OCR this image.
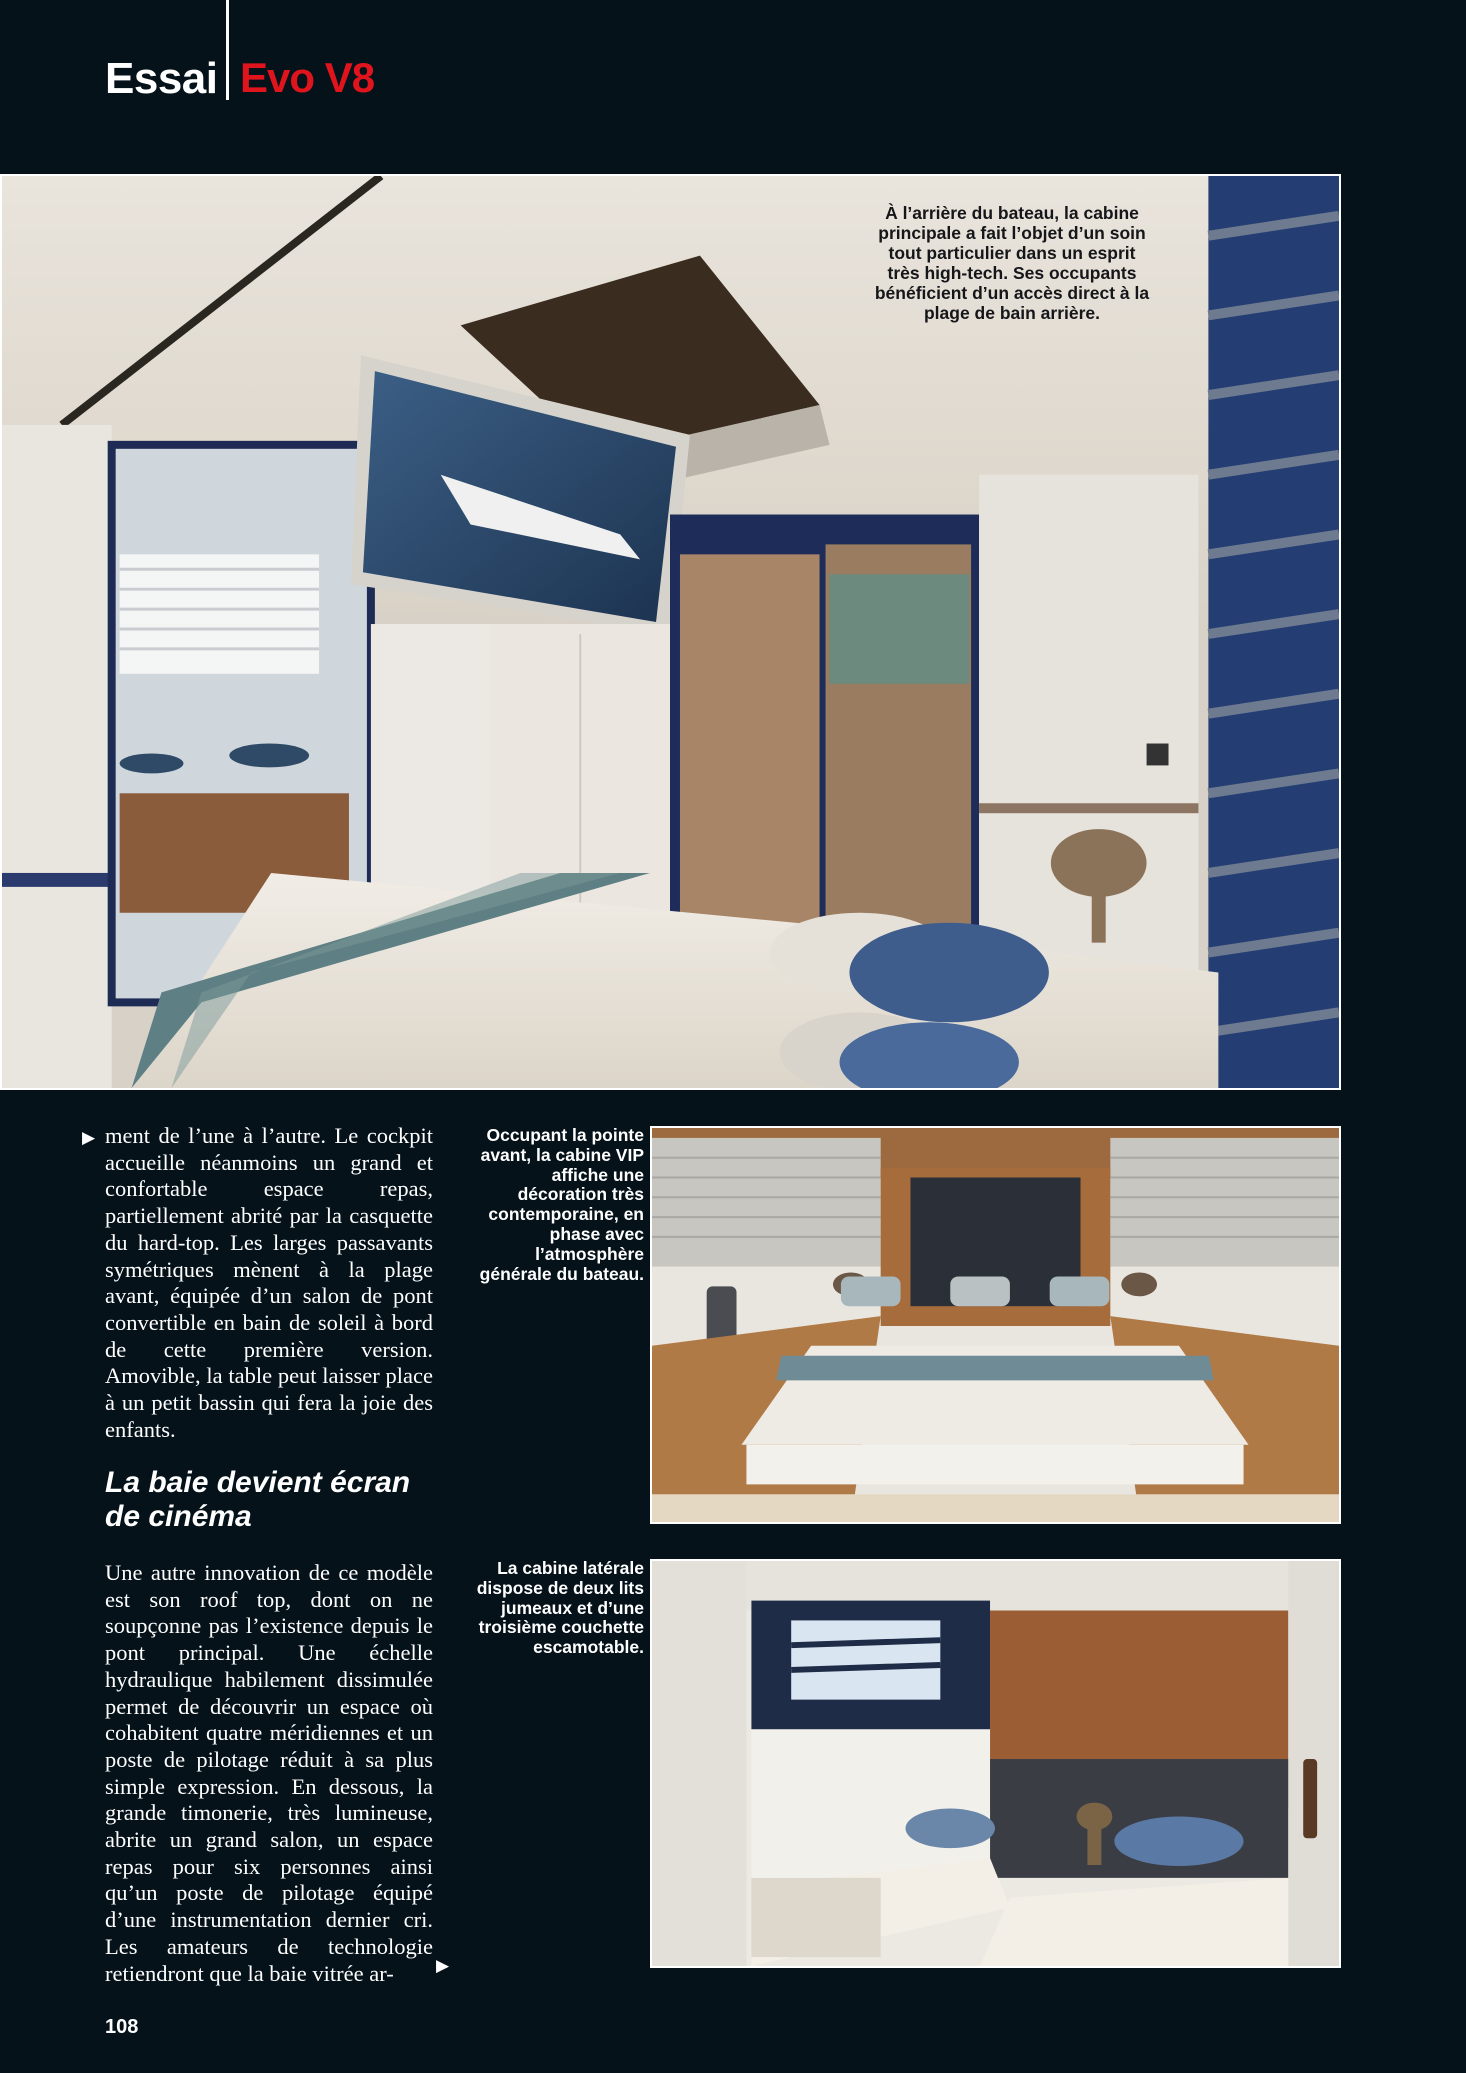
Essai Evo V8
À l’arrière du bateau, la cabine principale a fait l’objet d’un soin tout particulier dans un esprit très high-tech. Ses occupants bénéficient d’un accès direct à la plage de bain arrière.
▶ ment de l’une à l’autre. Le cockpit accueille néanmoins un grand et confortable espace repas, partiellement abrité par la casquette du hard-top. Les larges passavants symétriques mènent à la plage avant, équipée d’un salon de pont convertible en bain de soleil à bord de cette première version. Amovible, la table peut laisser place à un petit bassin qui fera la joie des enfants.

La baie devient écran de cinéma

Une autre innovation de ce modèle est son roof top, dont on ne soupçonne pas l’existence depuis le pont principal. Une échelle hydraulique habilement dissimulée permet de découvrir un espace où cohabitent quatre méridiennes et un poste de pilotage réduit à sa plus simple expression. En dessous, la grande timonerie, très lumineuse, abrite un grand salon, un espace repas pour six personnes ainsi qu’un poste de pilotage équipé d’une instrumentation dernier cri. Les amateurs de technologie retiendront que la baie vitrée ar-	▶
Occupant la pointe avant, la cabine VIP affiche une décoration très contemporaine, en phase avec l’atmosphère générale du bateau.
La cabine latérale dispose de deux lits jumeaux et d’une troisième couchette escamotable.
108
